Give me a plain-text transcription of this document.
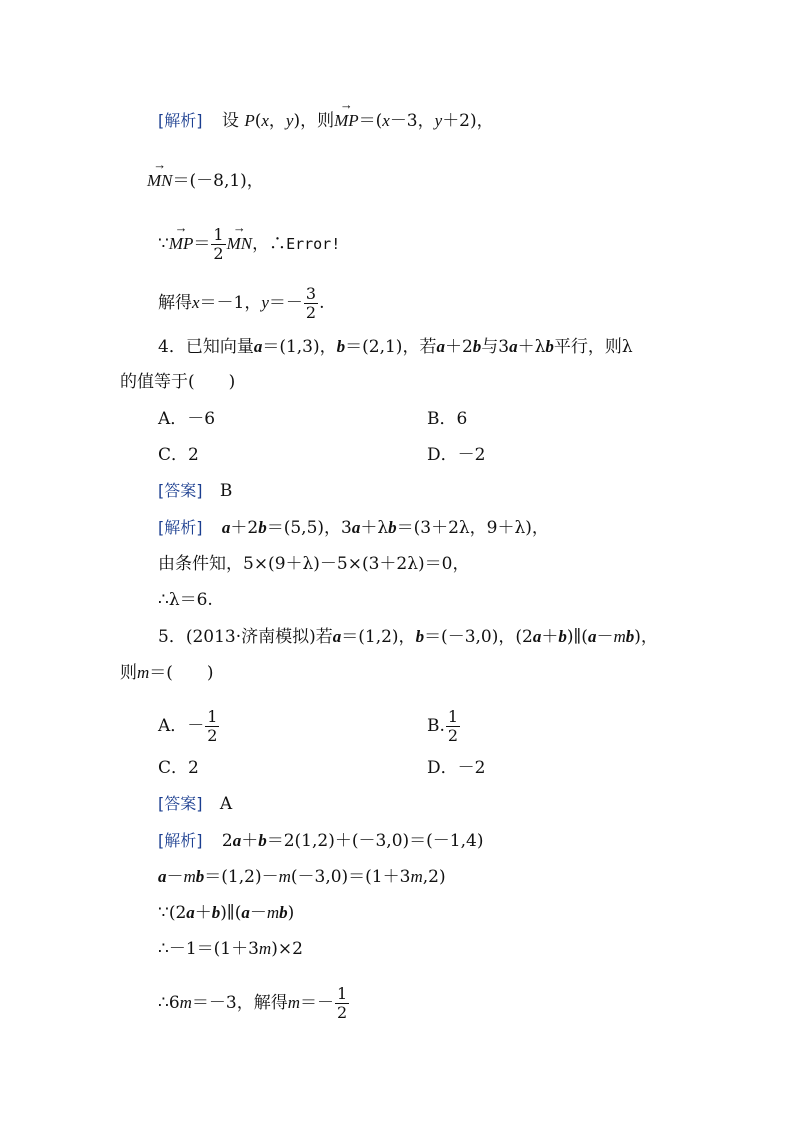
[解析] 设 P(x，y)，则→ MP＝(x－3，y＋2)，
→ MN＝(－8,1)，
∵→ $MP= \frac{1}{2}$
→ MN，∴Error!
解得x＝－1，$y=- \frac{3}{2}$ .
4．已知向量a＝(1,3)，b＝(2,1)，若a＋2b与3a＋λb平行，则λ
的值等于(　　)
A．－6	B．6
C．2	D．－2
[答案] B
[解析] a＋2b＝(5,5)，3a＋λb＝(3＋2λ，9＋λ)，
由条件知，5×(9＋λ)－5×(3＋2λ)＝0，
∴λ＝6.
5．(2013·济南模拟)若a＝(1,2)，b＝(－3,0)，(2a＋b)∥(a－mb)，
则m＝(　　)
A．－ $\frac{1}{2}$	B. $\frac{1}{2}$
C．2	D．－2
[答案] A
[解析] 2a＋b＝2(1,2)＋(－3,0)＝(－1,4)
a－mb＝(1,2)－m(－3,0)＝(1＋3m,2)
∵(2a＋b)∥(a－mb)
∴－1＝(1＋3m)×2
∴6m＝－3，解得$m=- \frac{1}{2}$
